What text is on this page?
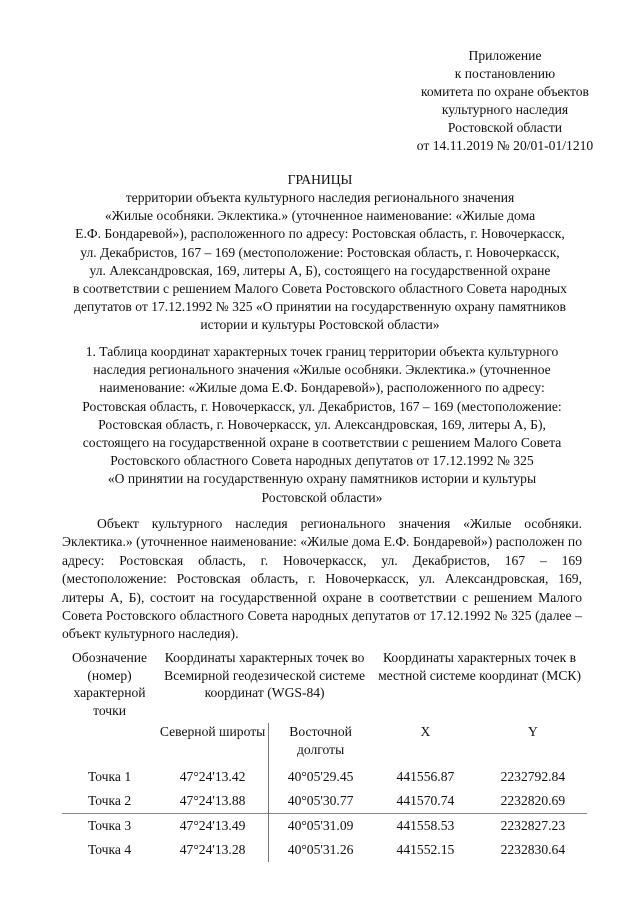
Приложение
к постановлению
комитета по охране объектов
культурного наследия
Ростовской области
от 14.11.2019 № 20/01-01/1210
ГРАНИЦЫ
территории объекта культурного наследия регионального значения
«Жилые особняки. Эклектика.» (уточненное наименование: «Жилые дома
Е.Ф. Бондаревой»), расположенного по адресу: Ростовская область, г. Новочеркасск,
ул. Декабристов, 167 – 169 (местоположение: Ростовская область, г. Новочеркасск,
ул. Александровская, 169, литеры А, Б), состоящего на государственной охране
в соответствии с решением Малого Совета Ростовского областного Совета народных
депутатов от 17.12.1992 № 325 «О принятии на государственную охрану памятников
истории и культуры Ростовской области»
1. Таблица координат характерных точек границ территории объекта культурного
наследия регионального значения «Жилые особняки. Эклектика.» (уточненное
наименование: «Жилые дома Е.Ф. Бондаревой»), расположенного по адресу:
Ростовская область, г. Новочеркасск, ул. Декабристов, 167 – 169 (местоположение:
Ростовская область, г. Новочеркасск, ул. Александровская, 169, литеры А, Б),
состоящего на государственной охране в соответствии с решением Малого Совета
Ростовского областного Совета народных депутатов от 17.12.1992 № 325
«О принятии на государственную охрану памятников истории и культуры
Ростовской области»
Объект культурного наследия регионального значения «Жилые особняки. Эклектика.» (уточненное наименование: «Жилые дома Е.Ф. Бондаревой») расположен по адресу: Ростовская область, г. Новочеркасск, ул. Декабристов, 167 – 169 (местоположение: Ростовская область, г. Новочеркасск, ул. Александровская, 169, литеры А, Б), состоит на государственной охране в соответствии с решением Малого Совета Ростовского областного Совета народных депутатов от 17.12.1992 № 325 (далее – объект культурного наследия).
Обозначение (номер) характерной точки	Координаты характерных точек во Всемирной геодезической системе координат (WGS-84)		Координаты характерных точек в местной системе координат (МСК)	
	Северной широты	Восточной долготы	X	Y
Точка 1	47°24'13.42	40°05'29.45	441556.87	2232792.84
Точка 2	47°24'13.88	40°05'30.77	441570.74	2232820.69
Точка 3	47°24'13.49	40°05'31.09	441558.53	2232827.23
Точка 4	47°24'13.28	40°05'31.26	441552.15	2232830.64
